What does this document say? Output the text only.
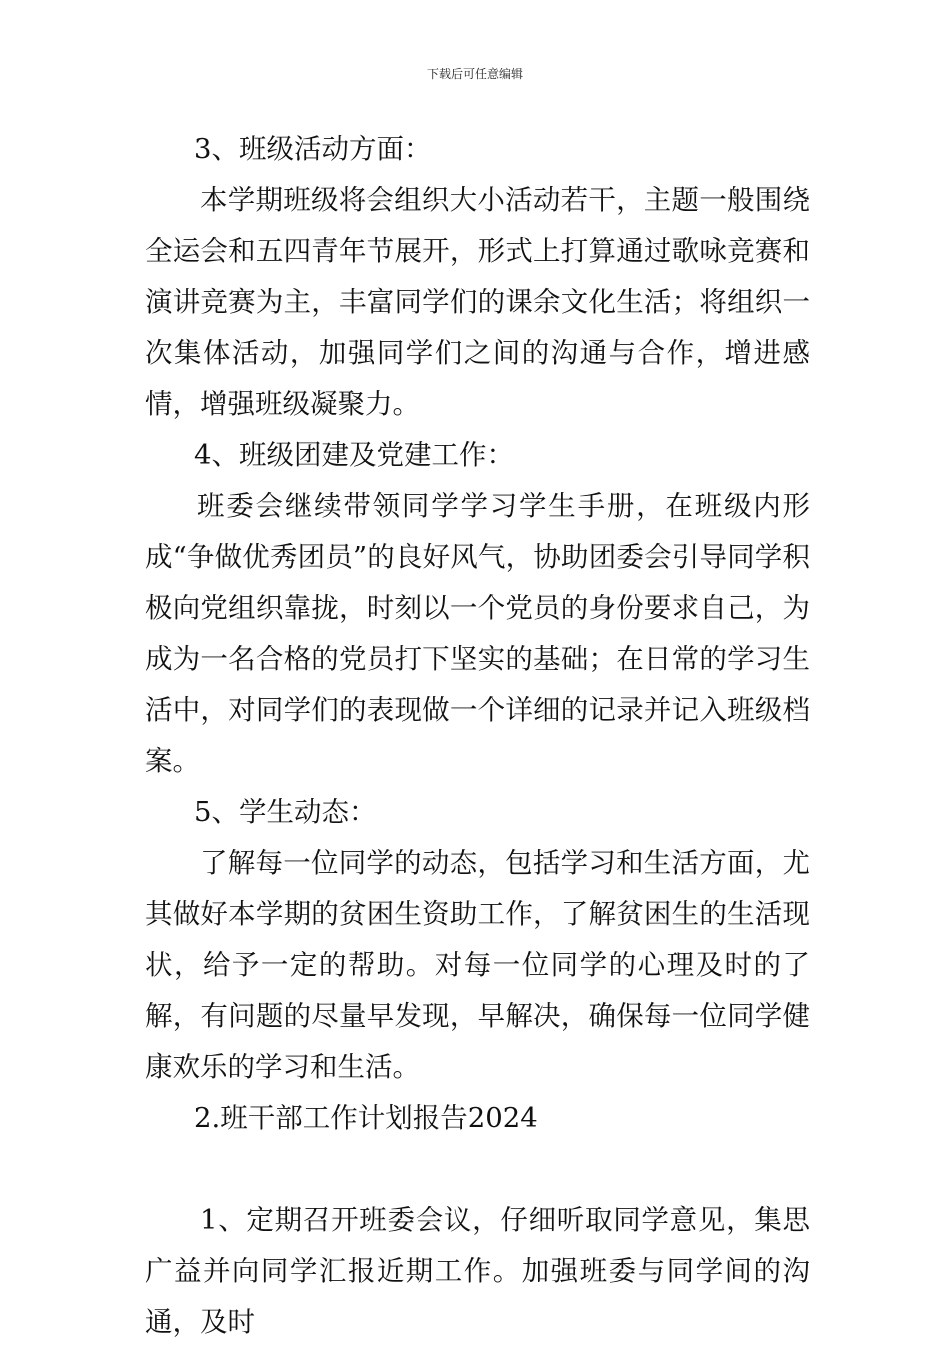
下载后可任意编辑

3、班级活动方面：

本学期班级将会组织大小活动若干，主题一般围绕全运会和五四青年节展开，形式上打算通过歌咏竞赛和演讲竞赛为主，丰富同学们的课余文化生活；将组织一次集体活动，加强同学们之间的沟通与合作，增进感情，增强班级凝聚力。

4、班级团建及党建工作：

班委会继续带领同学学习学生手册，在班级内形成“争做优秀团员”的良好风气，协助团委会引导同学积极向党组织靠拢，时刻以一个党员的身份要求自己，为成为一名合格的党员打下坚实的基础；在日常的学习生活中，对同学们的表现做一个详细的记录并记入班级档案。

5、学生动态：

了解每一位同学的动态，包括学习和生活方面，尤其做好本学期的贫困生资助工作，了解贫困生的生活现状，给予一定的帮助。对每一位同学的心理及时的了解，有问题的尽量早发现，早解决，确保每一位同学健康欢乐的学习和生活。

2.班干部工作计划报告2024

1、定期召开班委会议，仔细听取同学意见，集思广益并向同学汇报近期工作。加强班委与同学间的沟通，及时
